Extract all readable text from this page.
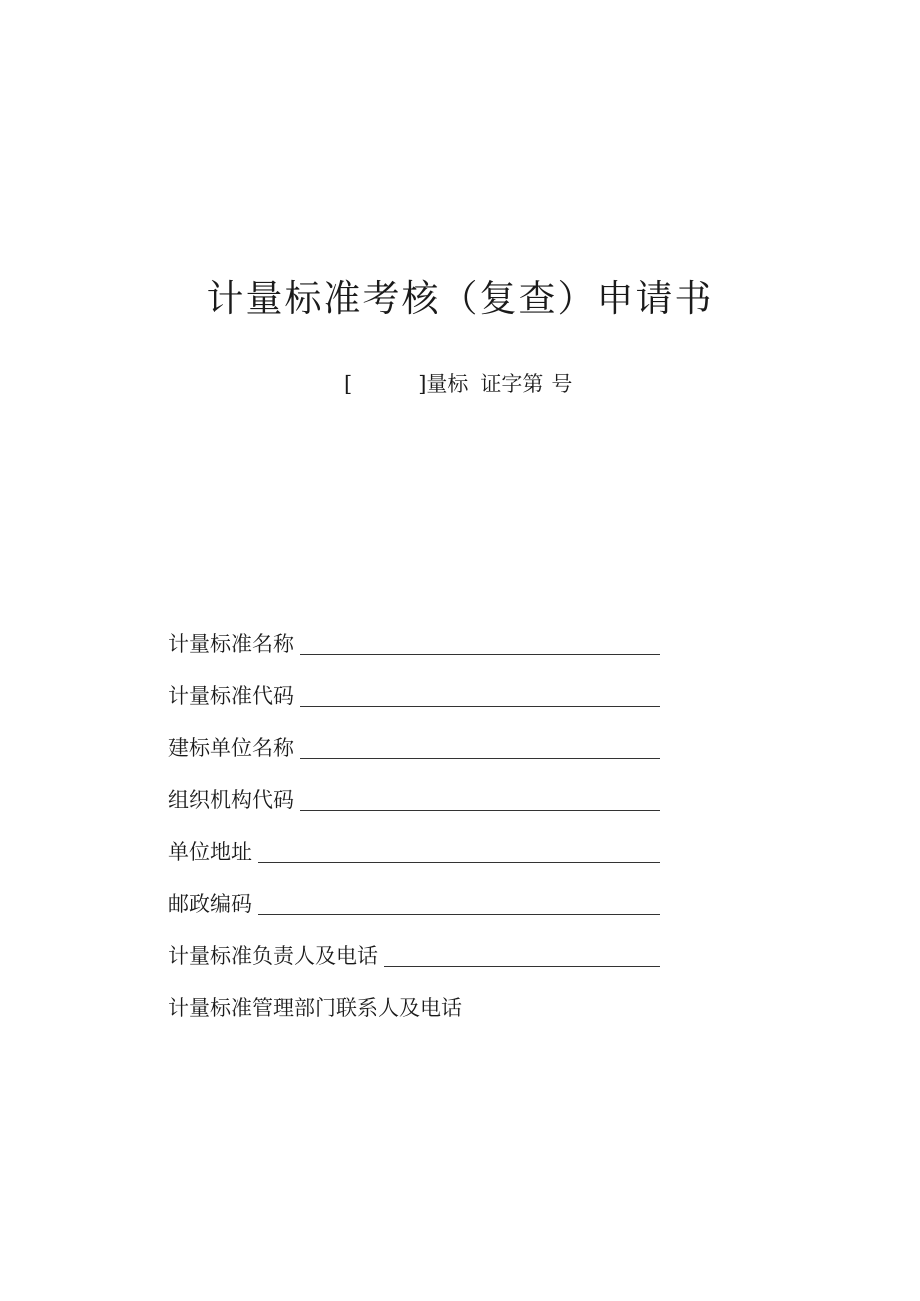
计量标准考核（复查）申请书
[	]量标 证字第 号
计量标准名称
计量标准代码
建标单位名称
组织机构代码
单位地址
邮政编码
计量标准负责人及电话
计量标准管理部门联系人及电话
